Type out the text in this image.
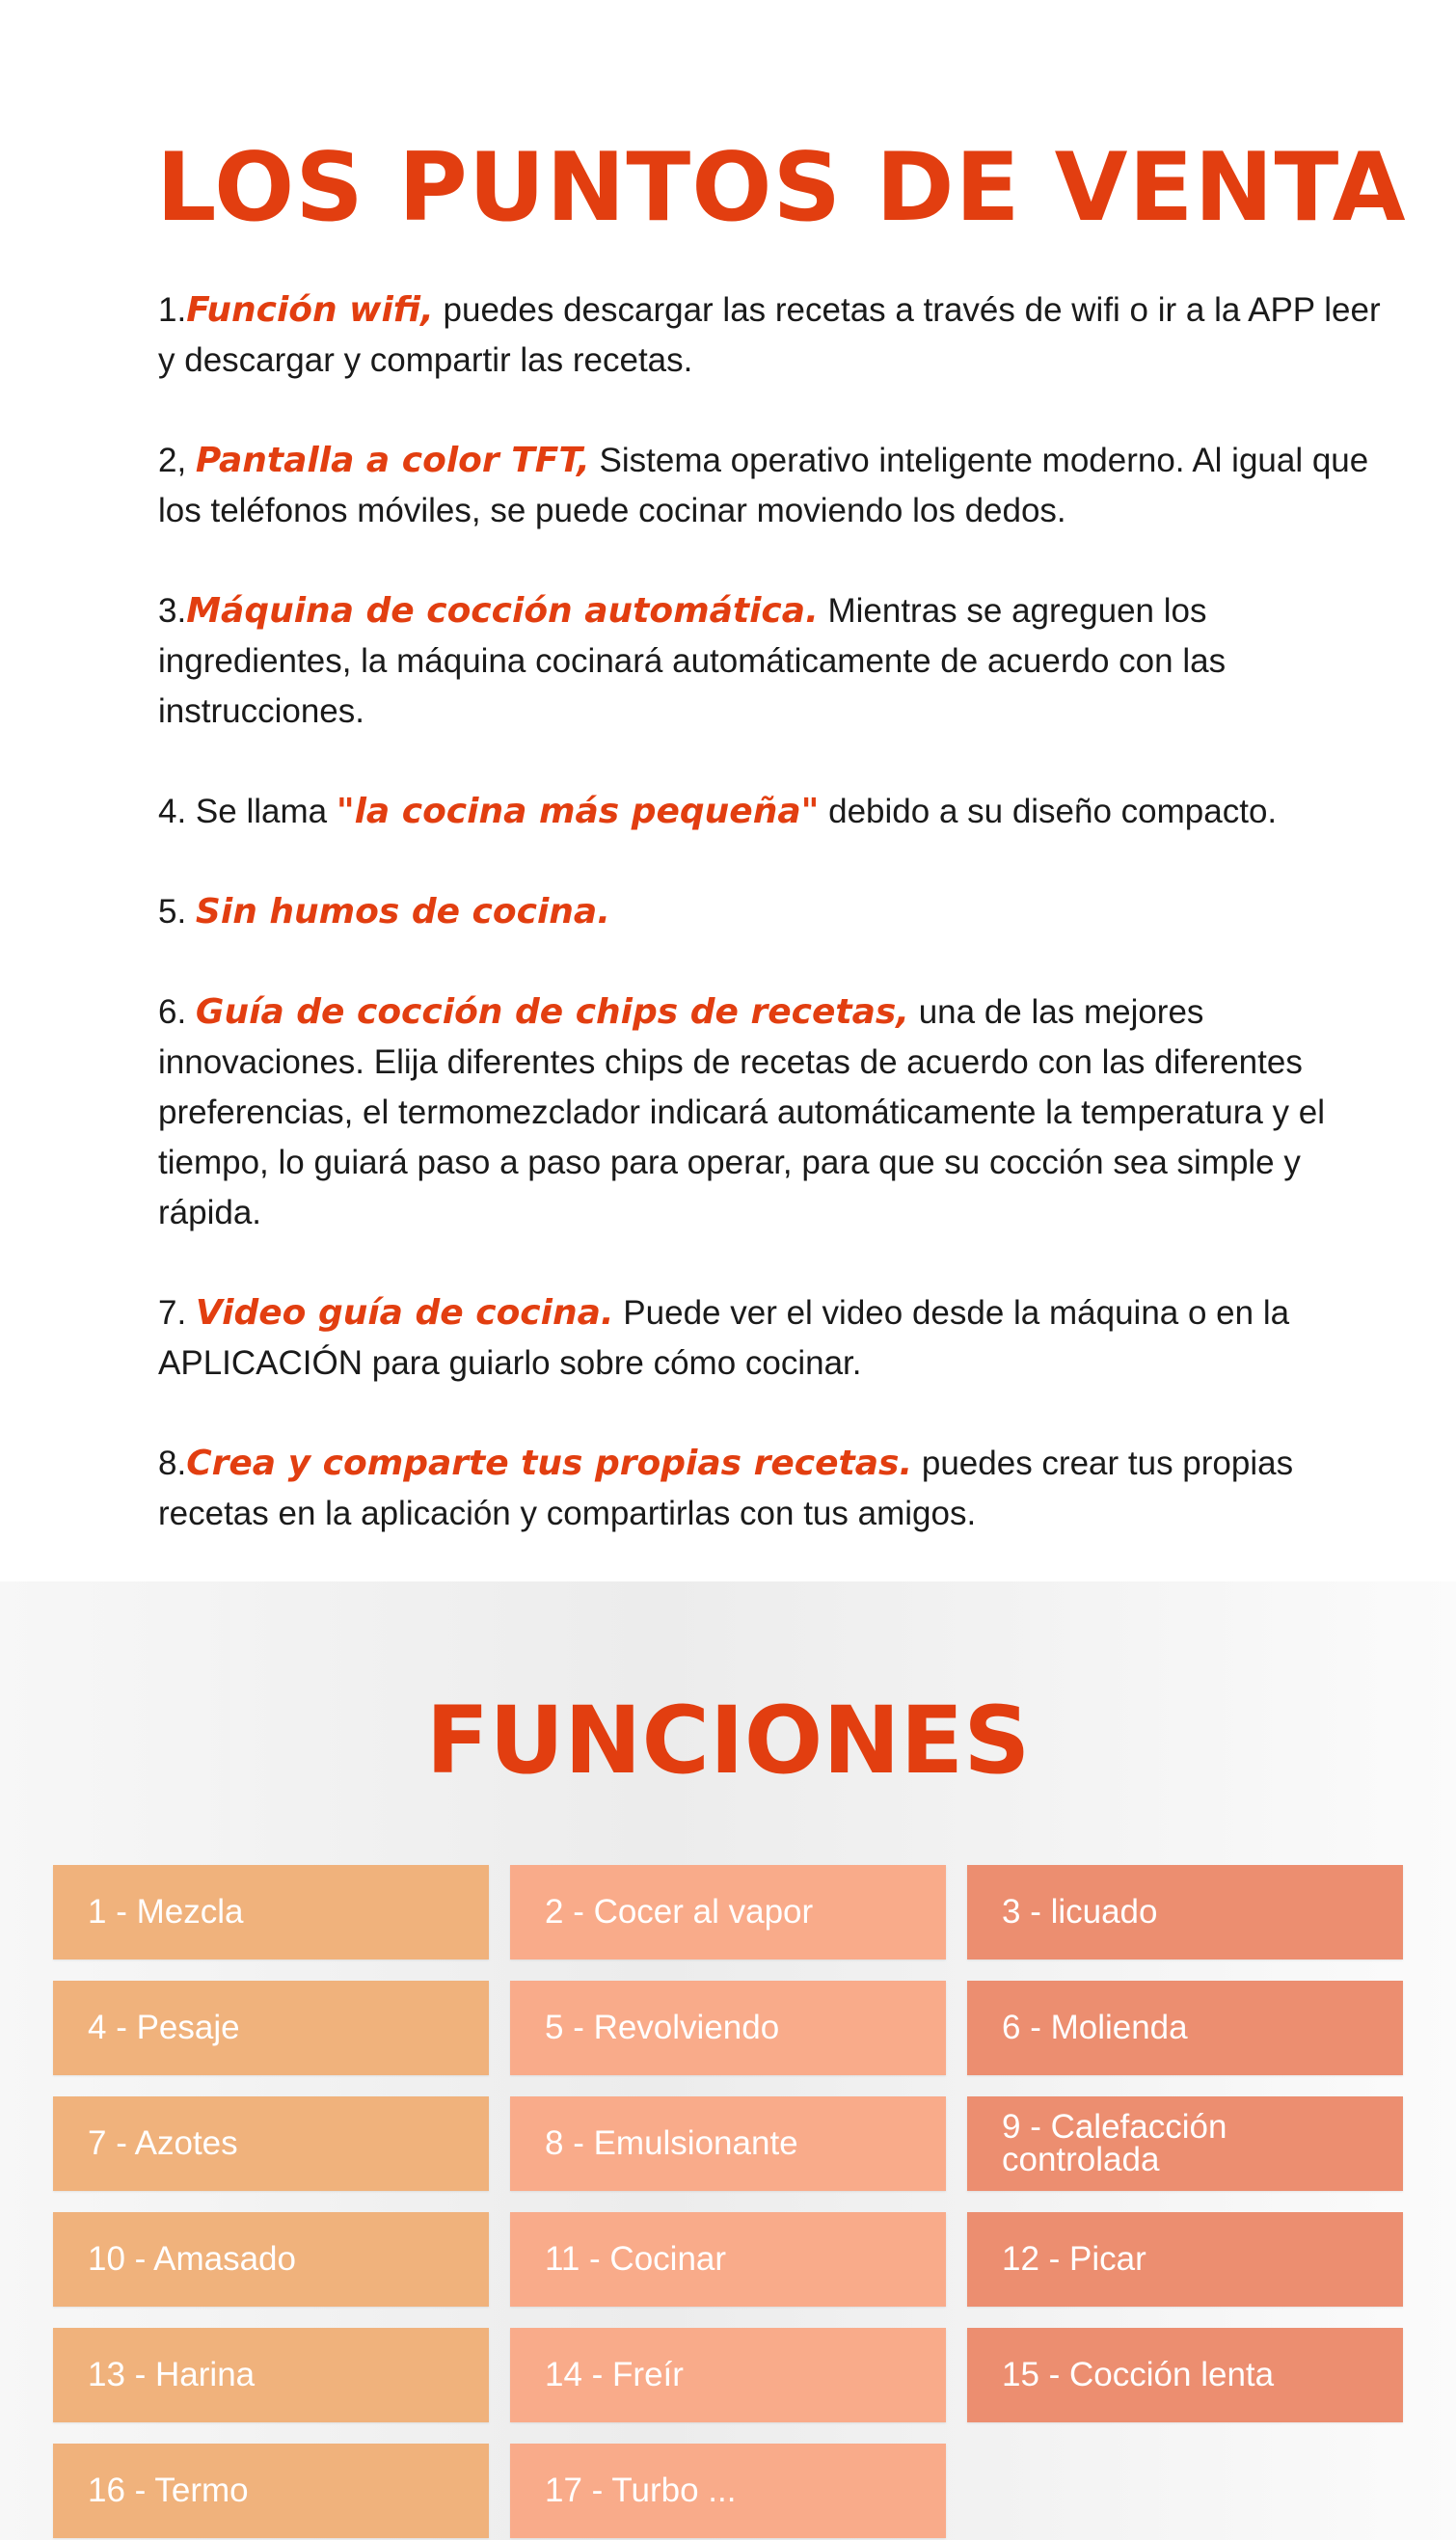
LOS PUNTOS DE VENTA

1.Función wifi, puedes descargar las recetas a través de wifi o ir a la APP leer y descargar y compartir las recetas.

2, Pantalla a color TFT, Sistema operativo inteligente moderno. Al igual que los teléfonos móviles, se puede cocinar moviendo los dedos.

3.Máquina de cocción automática. Mientras se agreguen los ingredientes, la máquina cocinará automáticamente de acuerdo con las instrucciones.

4. Se llama "la cocina más pequeña" debido a su diseño compacto.

5. Sin humos de cocina.

6. Guía de cocción de chips de recetas, una de las mejores innovaciones. Elija diferentes chips de recetas de acuerdo con las diferentes preferencias, el termomezclador indicará automáticamente la temperatura y el tiempo, lo guiará paso a paso para operar, para que su cocción sea simple y rápida.

7. Video guía de cocina. Puede ver el video desde la máquina o en la APLICACIÓN para guiarlo sobre cómo cocinar.

8.Crea y comparte tus propias recetas. puedes crear tus propias recetas en la aplicación y compartirlas con tus amigos.

FUNCIONES
1 - Mezcla	2 - Cocer al vapor	3 - licuado
4 - Pesaje	5 - Revolviendo	6 - Molienda
7 - Azotes	8 - Emulsionante	9 - Calefacción controlada
10 - Amasado	11 - Cocinar	12 - Picar
13 - Harina	14 - Freír	15 - Cocción lenta
16 - Termo	17 - Turbo ...
